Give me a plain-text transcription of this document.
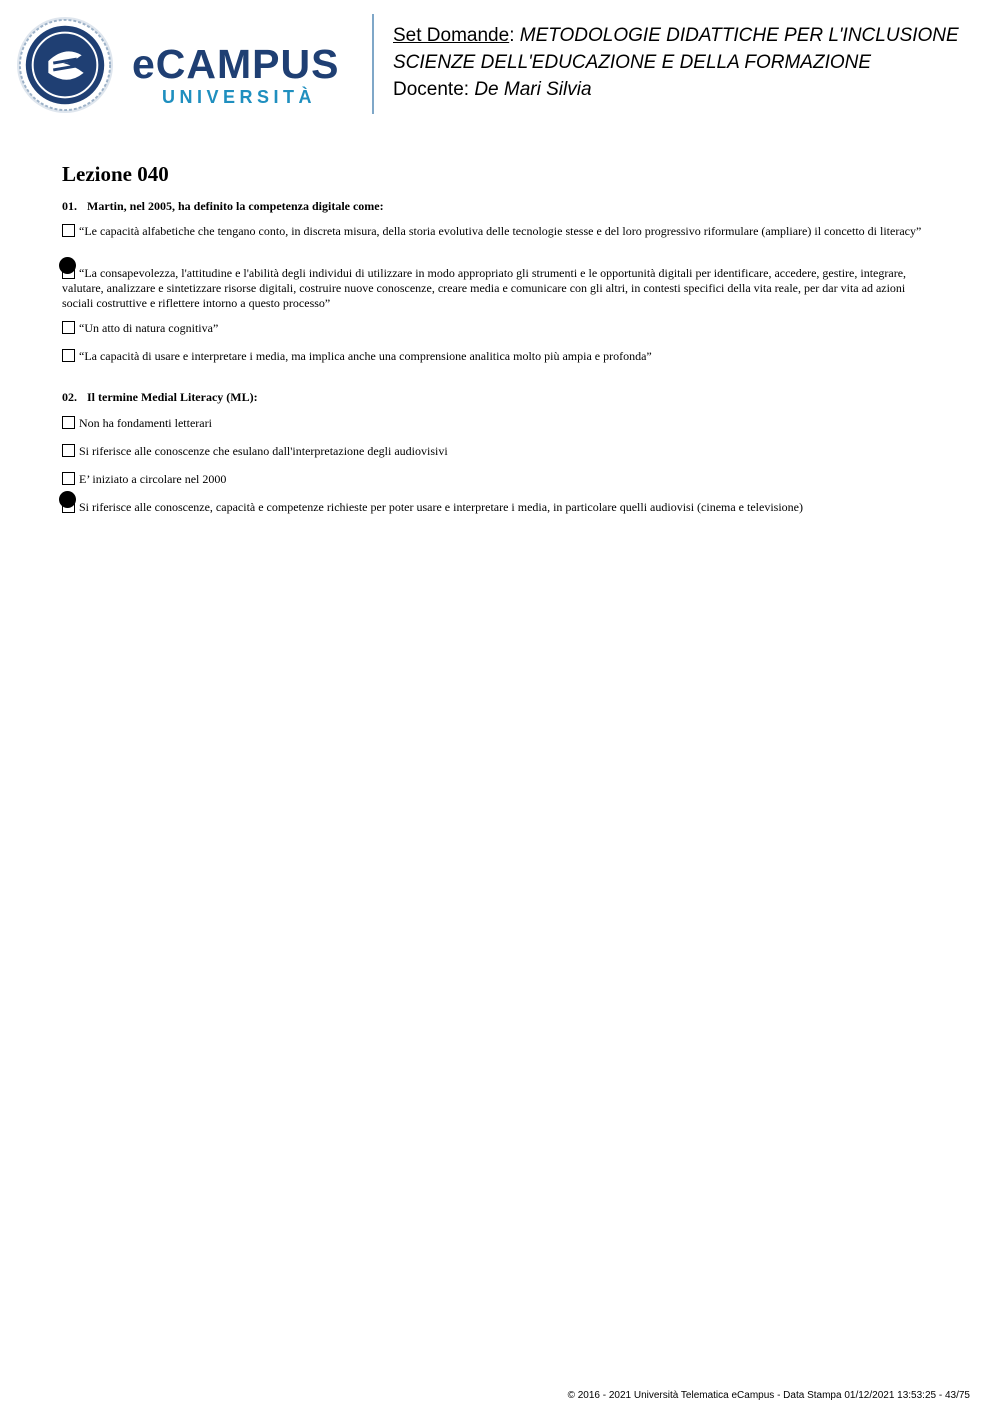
eCAMPUS
UNIVERSITÀ
Set Domande: METODOLOGIE DIDATTICHE PER L'INCLUSIONE
SCIENZE DELL'EDUCAZIONE E DELLA FORMAZIONE
Docente: De Mari Silvia
Lezione 040

01. Martin, nel 2005, ha definito la competenza digitale come:

“Le capacità alfabetiche che tengano conto, in discreta misura, della storia evolutiva delle tecnologie stesse e del loro progressivo riformulare (ampliare) il concetto di literacy”
“La consapevolezza, l'attitudine e l'abilità degli individui di utilizzare in modo appropriato gli strumenti e le opportunità digitali per identificare, accedere, gestire, integrare, valutare, analizzare e sintetizzare risorse digitali, costruire nuove conoscenze, creare media e comunicare con gli altri, in contesti specifici della vita reale, per dar vita ad azioni sociali costruttive e riflettere intorno a questo processo”
“Un atto di natura cognitiva”
“La capacità di usare e interpretare i media, ma implica anche una comprensione analitica molto più ampia e profonda”

02. Il termine Medial Literacy (ML):

Non ha fondamenti letterari
Si riferisce alle conoscenze che esulano dall'interpretazione degli audiovisivi
E’ iniziato a circolare nel 2000
Si riferisce alle conoscenze, capacità e competenze richieste per poter usare e interpretare i media, in particolare quelli audiovisi (cinema e televisione)
© 2016 - 2021 Università Telematica eCampus - Data Stampa 01/12/2021 13:53:25 - 43/75
